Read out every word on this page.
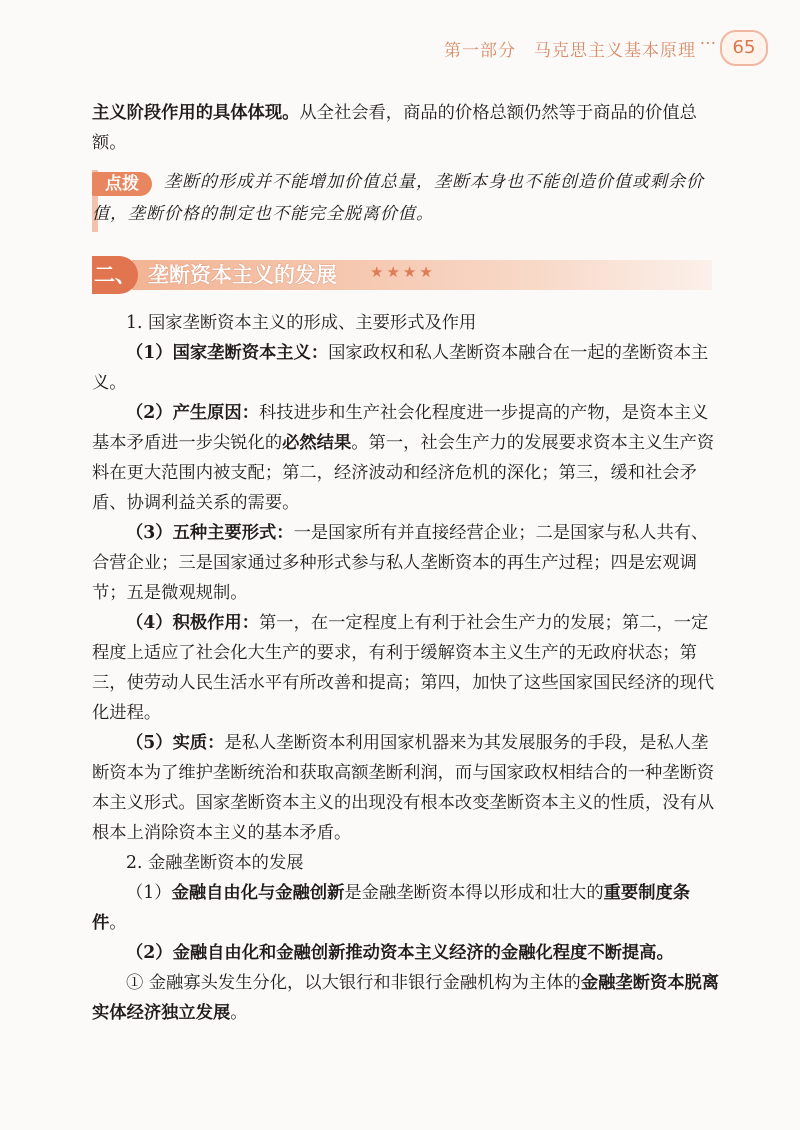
第一部分　马克思主义基本原理 ··· 65

主义阶段作用的具体体现。从全社会看，商品的价格总额仍然等于商品的价值总额。

垄断的形成并不能增加价值总量，垄断本身也不能创造价值或剩余价值，垄断价格的制定也不能完全脱离价值。
点拨
二、 垄断资本主义的发展 ★★★★

1. 国家垄断资本主义的形成、主要形式及作用

（1）国家垄断资本主义：国家政权和私人垄断资本融合在一起的垄断资本主义。

（2）产生原因：科技进步和生产社会化程度进一步提高的产物，是资本主义基本矛盾进一步尖锐化的必然结果。第一，社会生产力的发展要求资本主义生产资料在更大范围内被支配；第二，经济波动和经济危机的深化；第三，缓和社会矛盾、协调利益关系的需要。

（3）五种主要形式：一是国家所有并直接经营企业；二是国家与私人共有、合营企业；三是国家通过多种形式参与私人垄断资本的再生产过程；四是宏观调节；五是微观规制。

（4）积极作用：第一，在一定程度上有利于社会生产力的发展；第二，一定程度上适应了社会化大生产的要求，有利于缓解资本主义生产的无政府状态；第三，使劳动人民生活水平有所改善和提高；第四，加快了这些国家国民经济的现代化进程。

（5）实质：是私人垄断资本利用国家机器来为其发展服务的手段，是私人垄断资本为了维护垄断统治和获取高额垄断利润，而与国家政权相结合的一种垄断资本主义形式。国家垄断资本主义的出现没有根本改变垄断资本主义的性质，没有从根本上消除资本主义的基本矛盾。

2. 金融垄断资本的发展

（1）金融自由化与金融创新是金融垄断资本得以形成和壮大的重要制度条件。

（2）金融自由化和金融创新推动资本主义经济的金融化程度不断提高。

① 金融寡头发生分化，以大银行和非银行金融机构为主体的金融垄断资本脱离实体经济独立发展。
